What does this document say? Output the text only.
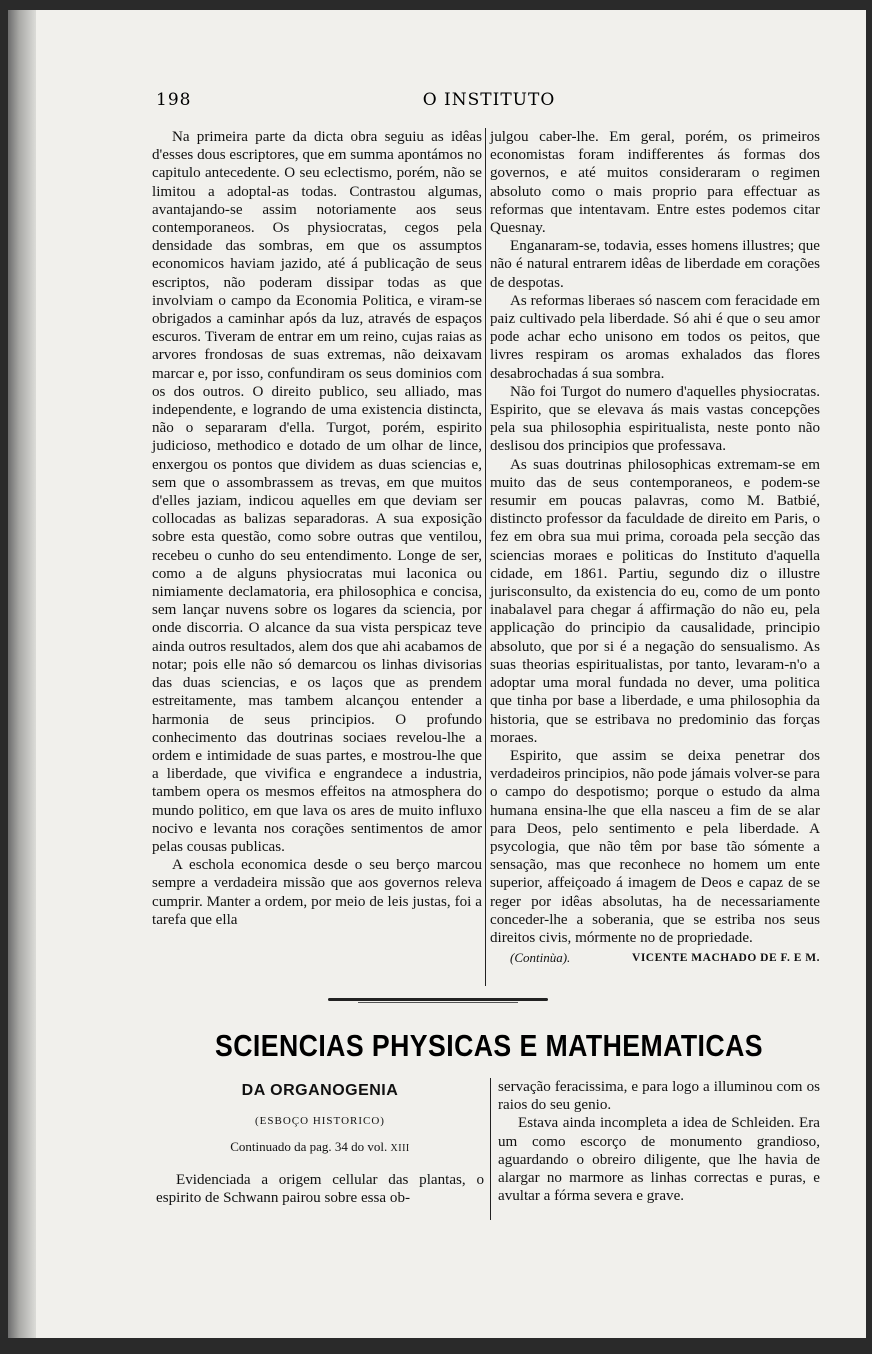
198	O INSTITUTO

Na primeira parte da dicta obra seguiu as idêas d'esses dous escriptores, que em summa apontámos no capitulo antecedente. O seu eclectismo, porém, não se limitou a adoptal-as todas. Contrastou algumas, avantajando-se assim notoriamente aos seus contemporaneos. Os physiocratas, cegos pela densidade das sombras, em que os assumptos economicos haviam jazido, até á publicação de seus escriptos, não poderam dissipar todas as que involviam o campo da Economia Politica, e viram-se obrigados a caminhar após da luz, através de espaços escuros. Tiveram de entrar em um reino, cujas raias as arvores frondosas de suas extremas, não deixavam marcar e, por isso, confundiram os seus dominios com os dos outros. O direito publico, seu alliado, mas independente, e logrando de uma existencia distincta, não o separaram d'ella. Turgot, porém, espirito judicioso, methodico e dotado de um olhar de lince, enxergou os pontos que dividem as duas sciencias e, sem que o assombrassem as trevas, em que muitos d'elles jaziam, indicou aquelles em que deviam ser collocadas as balizas separadoras. A sua exposição sobre esta questão, como sobre outras que ventilou, recebeu o cunho do seu entendimento. Longe de ser, como a de alguns physiocratas mui laconica ou nimiamente declamatoria, era philosophica e concisa, sem lançar nuvens sobre os logares da sciencia, por onde discorria. O alcance da sua vista perspicaz teve ainda outros resultados, alem dos que ahi acabamos de notar; pois elle não só demarcou os linhas divisorias das duas sciencias, e os laços que as prendem estreitamente, mas tambem alcançou entender a harmonia de seus principios. O profundo conhecimento das doutrinas sociaes revelou-lhe a ordem e intimidade de suas partes, e mostrou-lhe que a liberdade, que vivifica e engrandece a industria, tambem opera os mesmos effeitos na atmosphera do mundo politico, em que lava os ares de muito influxo nocivo e levanta nos corações sentimentos de amor pelas cousas publicas.

A eschola economica desde o seu berço marcou sempre a verdadeira missão que aos governos releva cumprir. Manter a ordem, por meio de leis justas, foi a tarefa que ella

julgou caber-lhe. Em geral, porém, os primeiros economistas foram indifferentes ás formas dos governos, e até muitos consideraram o regimen absoluto como o mais proprio para effectuar as reformas que intentavam. Entre estes podemos citar Quesnay.

Enganaram-se, todavia, esses homens illustres; que não é natural entrarem idêas de liberdade em corações de despotas.

As reformas liberaes só nascem com feracidade em paiz cultivado pela liberdade. Só ahi é que o seu amor pode achar echo unisono em todos os peitos, que livres respiram os aromas exhalados das flores desabrochadas á sua sombra.

Não foi Turgot do numero d'aquelles physiocratas. Espirito, que se elevava ás mais vastas concepções pela sua philosophia espiritualista, neste ponto não deslisou dos principios que professava.

As suas doutrinas philosophicas extremam-se em muito das de seus contemporaneos, e podem-se resumir em poucas palavras, como M. Batbié, distincto professor da faculdade de direito em Paris, o fez em obra sua mui prima, coroada pela secção das sciencias moraes e politicas do Instituto d'aquella cidade, em 1861. Partiu, segundo diz o illustre jurisconsulto, da existencia do eu, como de um ponto inabalavel para chegar á affirmação do não eu, pela applicação do principio da causalidade, principio absoluto, que por si é a negação do sensualismo. As suas theorias espiritualistas, por tanto, levaram-n'o a adoptar uma moral fundada no dever, uma politica que tinha por base a liberdade, e uma philosophia da historia, que se estribava no predominio das forças moraes.

Espirito, que assim se deixa penetrar dos verdadeiros principios, não pode jámais volver-se para o campo do despotismo; porque o estudo da alma humana ensina-lhe que ella nasceu a fim de se alar para Deos, pelo sentimento e pela liberdade. A psycologia, que não têm por base tão sómente a sensação, mas que reconhece no homem um ente superior, affeiçoado á imagem de Deos e capaz de se reger por idêas absolutas, ha de necessariamente conceder-lhe a soberania, que se estriba nos seus direitos civis, mórmente no de propriedade.

(Continùa).	VICENTE MACHADO DE F. E M.
SCIENCIAS PHYSICAS E MATHEMATICAS
DA ORGANOGENIA
(ESBOÇO HISTORICO)
Continuado da pag. 34 do vol. XIII

Evidenciada a origem cellular das plantas, o espirito de Schwann pairou sobre essa ob-

servação feracissima, e para logo a illuminou com os raios do seu genio.

Estava ainda incompleta a idea de Schleiden. Era um como escorço de monumento grandioso, aguardando o obreiro diligente, que lhe havia de alargar no marmore as linhas correctas e puras, e avultar a fórma severa e grave.
